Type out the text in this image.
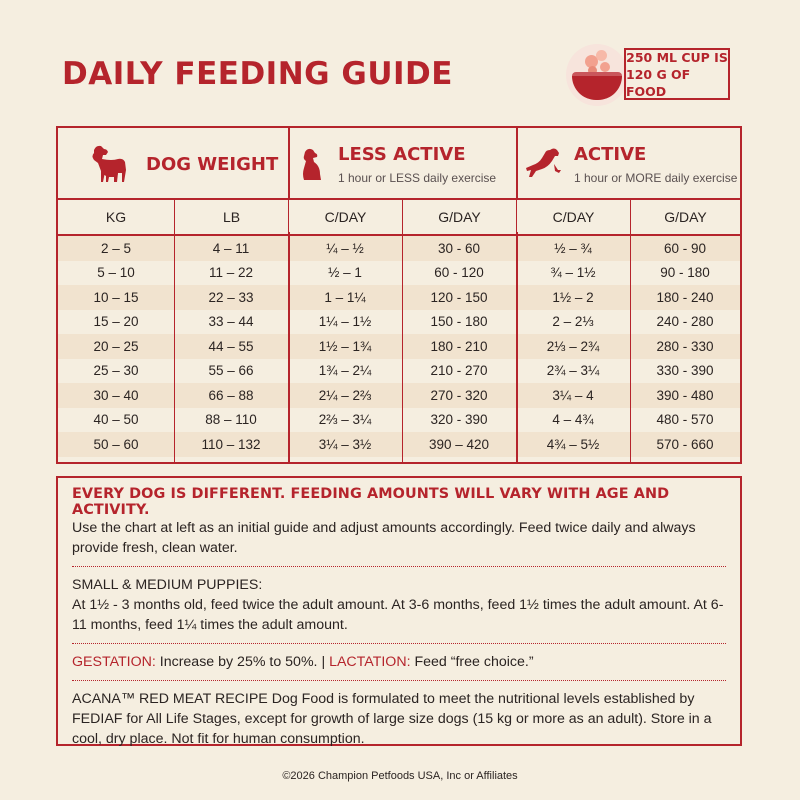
DAILY FEEDING GUIDE	250 ML CUP IS
120 G OF FOOD
DOG WEIGHT	LESS ACTIVE
1 hour or LESS daily exercise
ACTIVE
1 hour or MORE daily exercise
KG	LB	C/DAY	G/DAY	C/DAY	G/DAY
2 – 5	4 – 11	¼ – ½	30 - 60	½ – ¾	60 - 90
5 – 10	11 – 22	½ – 1	60 - 120	¾ – 1½	90 - 180
10 – 15	22 – 33	1 – 1¼	120 - 150	1½ – 2	180 - 240
15 – 20	33 – 44	1¼ – 1½	150 - 180	2 – 2⅓	240 - 280
20 – 25	44 – 55	1½ – 1¾	180 - 210	2⅓ – 2¾	280 - 330
25 – 30	55 – 66	1¾ – 2¼	210 - 270	2¾ – 3¼	330 - 390
30 – 40	66 – 88	2¼ – 2⅔	270 - 320	3¼ – 4	390 - 480
40 – 50	88 – 110	2⅔ – 3¼	320 - 390	4 – 4¾	480 - 570
50 – 60	110 – 132	3¼ – 3½	390 – 420	4¾ – 5½	570 - 660
EVERY DOG IS DIFFERENT. FEEDING AMOUNTS WILL VARY WITH AGE AND ACTIVITY.

Use the chart at left as an initial guide and adjust amounts accordingly. Feed twice daily and always provide fresh, clean water.

SMALL & MEDIUM PUPPIES:

At 1½ - 3 months old, feed twice the adult amount. At 3-6 months, feed 1½ times the adult amount. At 6-11 months, feed 1¼ times the adult amount.

GESTATION: Increase by 25% to 50%. | LACTATION: Feed “free choice.”

ACANA™ RED MEAT RECIPE Dog Food is formulated to meet the nutritional levels established by FEDIAF for All Life Stages, except for growth of large size dogs (15 kg or more as an adult). Store in a cool, dry place. Not fit for human consumption.

©2026 Champion Petfoods USA, Inc or Affiliates
